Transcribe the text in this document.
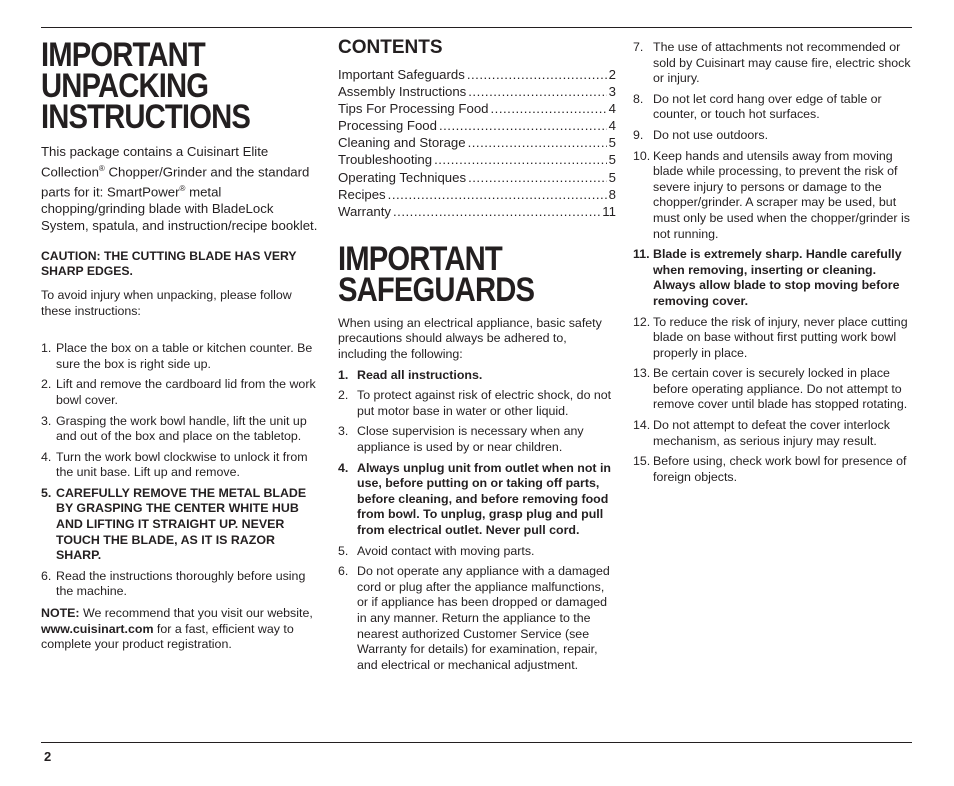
IMPORTANT
UNPACKING
INSTRUCTIONS

This package contains a Cuisinart Elite Collection® Chopper/Grinder and the standard parts for it: SmartPower® metal chopping/grinding blade with BladeLock System, spatula, and instruction/recipe booklet.

CAUTION: THE CUTTING BLADE HAS VERY SHARP EDGES.

To avoid injury when unpacking, please follow these instructions:

1. Place the box on a table or kitchen counter. Be sure the box is right side up.
2. Lift and remove the cardboard lid from the work bowl cover.
3. Grasping the work bowl handle, lift the unit up and out of the box and place on the tabletop.
4. Turn the work bowl clockwise to unlock it from the unit base. Lift up and remove.
5. CAREFULLY REMOVE THE METAL BLADE BY GRASPING THE CENTER WHITE HUB AND LIFTING IT STRAIGHT UP. NEVER TOUCH THE BLADE, AS IT IS RAZOR SHARP.
6. Read the instructions thoroughly before using the machine.

NOTE: We recommend that you visit our website, www.cuisinart.com for a fast, efficient way to complete your product registration.

CONTENTS
Important Safeguards .....	2
Assembly Instructions .....	3
Tips For Processing Food .....	4
Processing Food .....	4
Cleaning and Storage .....	5
Troubleshooting .....	5
Operating Techniques .....	5
Recipes .....	8
Warranty .....	11
IMPORTANT
SAFEGUARDS

When using an electrical appliance, basic safety precautions should always be adhered to, including the following:

1. Read all instructions.
2. To protect against risk of electric shock, do not put motor base in water or other liquid.
3. Close supervision is necessary when any appliance is used by or near children.
4. Always unplug unit from outlet when not in use, before putting on or taking off parts, before cleaning, and before removing food from bowl. To unplug, grasp plug and pull from electrical outlet. Never pull cord.
5. Avoid contact with moving parts.
6. Do not operate any appliance with a damaged cord or plug after the appliance malfunctions, or if appliance has been dropped or damaged in any manner. Return the appliance to the nearest authorized Customer Service (see Warranty for details) for examination, repair, and electrical or mechanical adjustment.
7. The use of attachments not recommended or sold by Cuisinart may cause fire, electric shock or injury.
8. Do not let cord hang over edge of table or counter, or touch hot surfaces.
9. Do not use outdoors.
10. Keep hands and utensils away from moving blade while processing, to prevent the risk of severe injury to persons or damage to the chopper/grinder. A scraper may be used, but must only be used when the chopper/grinder is not running.
11. Blade is extremely sharp. Handle carefully when removing, inserting or cleaning. Always allow blade to stop moving before removing cover.
12. To reduce the risk of injury, never place cutting blade on base without first putting work bowl properly in place.
13. Be certain cover is securely locked in place before operating appliance. Do not attempt to remove cover until blade has stopped rotating.
14. Do not attempt to defeat the cover interlock mechanism, as serious injury may result.
15. Before using, check work bowl for presence of foreign objects.
2
